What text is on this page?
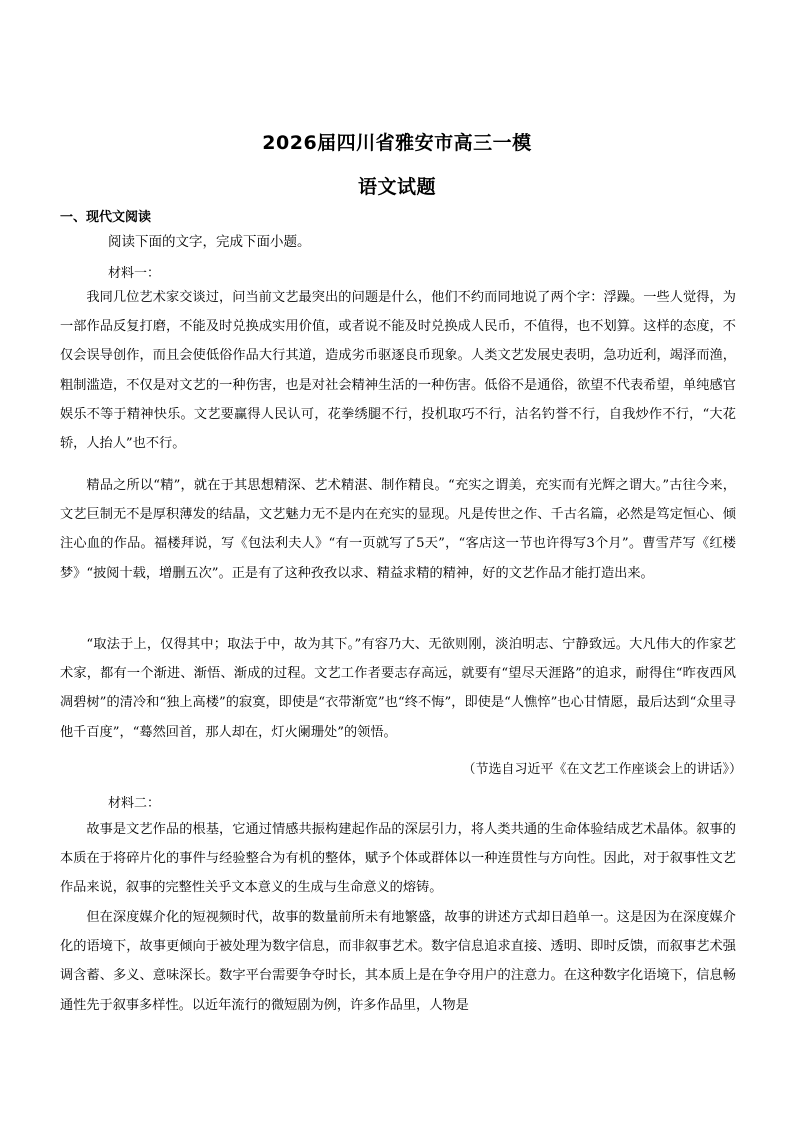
2026届四川省雅安市高三一模
语文试题
一、现代文阅读
阅读下面的文字，完成下面小题。
材料一：

我同几位艺术家交谈过，问当前文艺最突出的问题是什么，他们不约而同地说了两个字：浮躁。一些人觉得，为一部作品反复打磨，不能及时兑换成实用价值，或者说不能及时兑换成人民币，不值得，也不划算。这样的态度，不仅会误导创作，而且会使低俗作品大行其道，造成劣币驱逐良币现象。人类文艺发展史表明，急功近利，竭泽而渔，粗制滥造，不仅是对文艺的一种伤害，也是对社会精神生活的一种伤害。低俗不是通俗，欲望不代表希望，单纯感官娱乐不等于精神快乐。文艺要赢得人民认可，花拳绣腿不行，投机取巧不行，沽名钓誉不行，自我炒作不行，“大花轿，人抬人”也不行。

精品之所以“精”，就在于其思想精深、艺术精湛、制作精良。“充实之谓美，充实而有光辉之谓大。”古往今来，文艺巨制无不是厚积薄发的结晶，文艺魅力无不是内在充实的显现。凡是传世之作、千古名篇，必然是笃定恒心、倾注心血的作品。福楼拜说，写《包法利夫人》“有一页就写了5天”，“客店这一节也许得写3个月”。曹雪芹写《红楼梦》“披阅十载，增删五次”。正是有了这种孜孜以求、精益求精的精神，好的文艺作品才能打造出来。

“取法于上，仅得其中；取法于中，故为其下。”有容乃大、无欲则刚，淡泊明志、宁静致远。大凡伟大的作家艺术家，都有一个渐进、渐悟、渐成的过程。文艺工作者要志存高远，就要有“望尽天涯路”的追求，耐得住“昨夜西风凋碧树”的清冷和“独上高楼”的寂寞，即使是“衣带渐宽”也“终不悔”，即使是“人憔悴”也心甘情愿，最后达到“众里寻他千百度”，“蓦然回首，那人却在，灯火阑珊处”的领悟。

（节选自习近平《在文艺工作座谈会上的讲话》）
材料二：

故事是文艺作品的根基，它通过情感共振构建起作品的深层引力，将人类共通的生命体验结成艺术晶体。叙事的本质在于将碎片化的事件与经验整合为有机的整体，赋予个体或群体以一种连贯性与方向性。因此，对于叙事性文艺作品来说，叙事的完整性关乎文本意义的生成与生命意义的熔铸。

但在深度媒介化的短视频时代，故事的数量前所未有地繁盛，故事的讲述方式却日趋单一。这是因为在深度媒介化的语境下，故事更倾向于被处理为数字信息，而非叙事艺术。数字信息追求直接、透明、即时反馈，而叙事艺术强调含蓄、多义、意味深长。数字平台需要争夺时长，其本质上是在争夺用户的注意力。在这种数字化语境下，信息畅通性先于叙事多样性。以近年流行的微短剧为例，许多作品里，人物是
